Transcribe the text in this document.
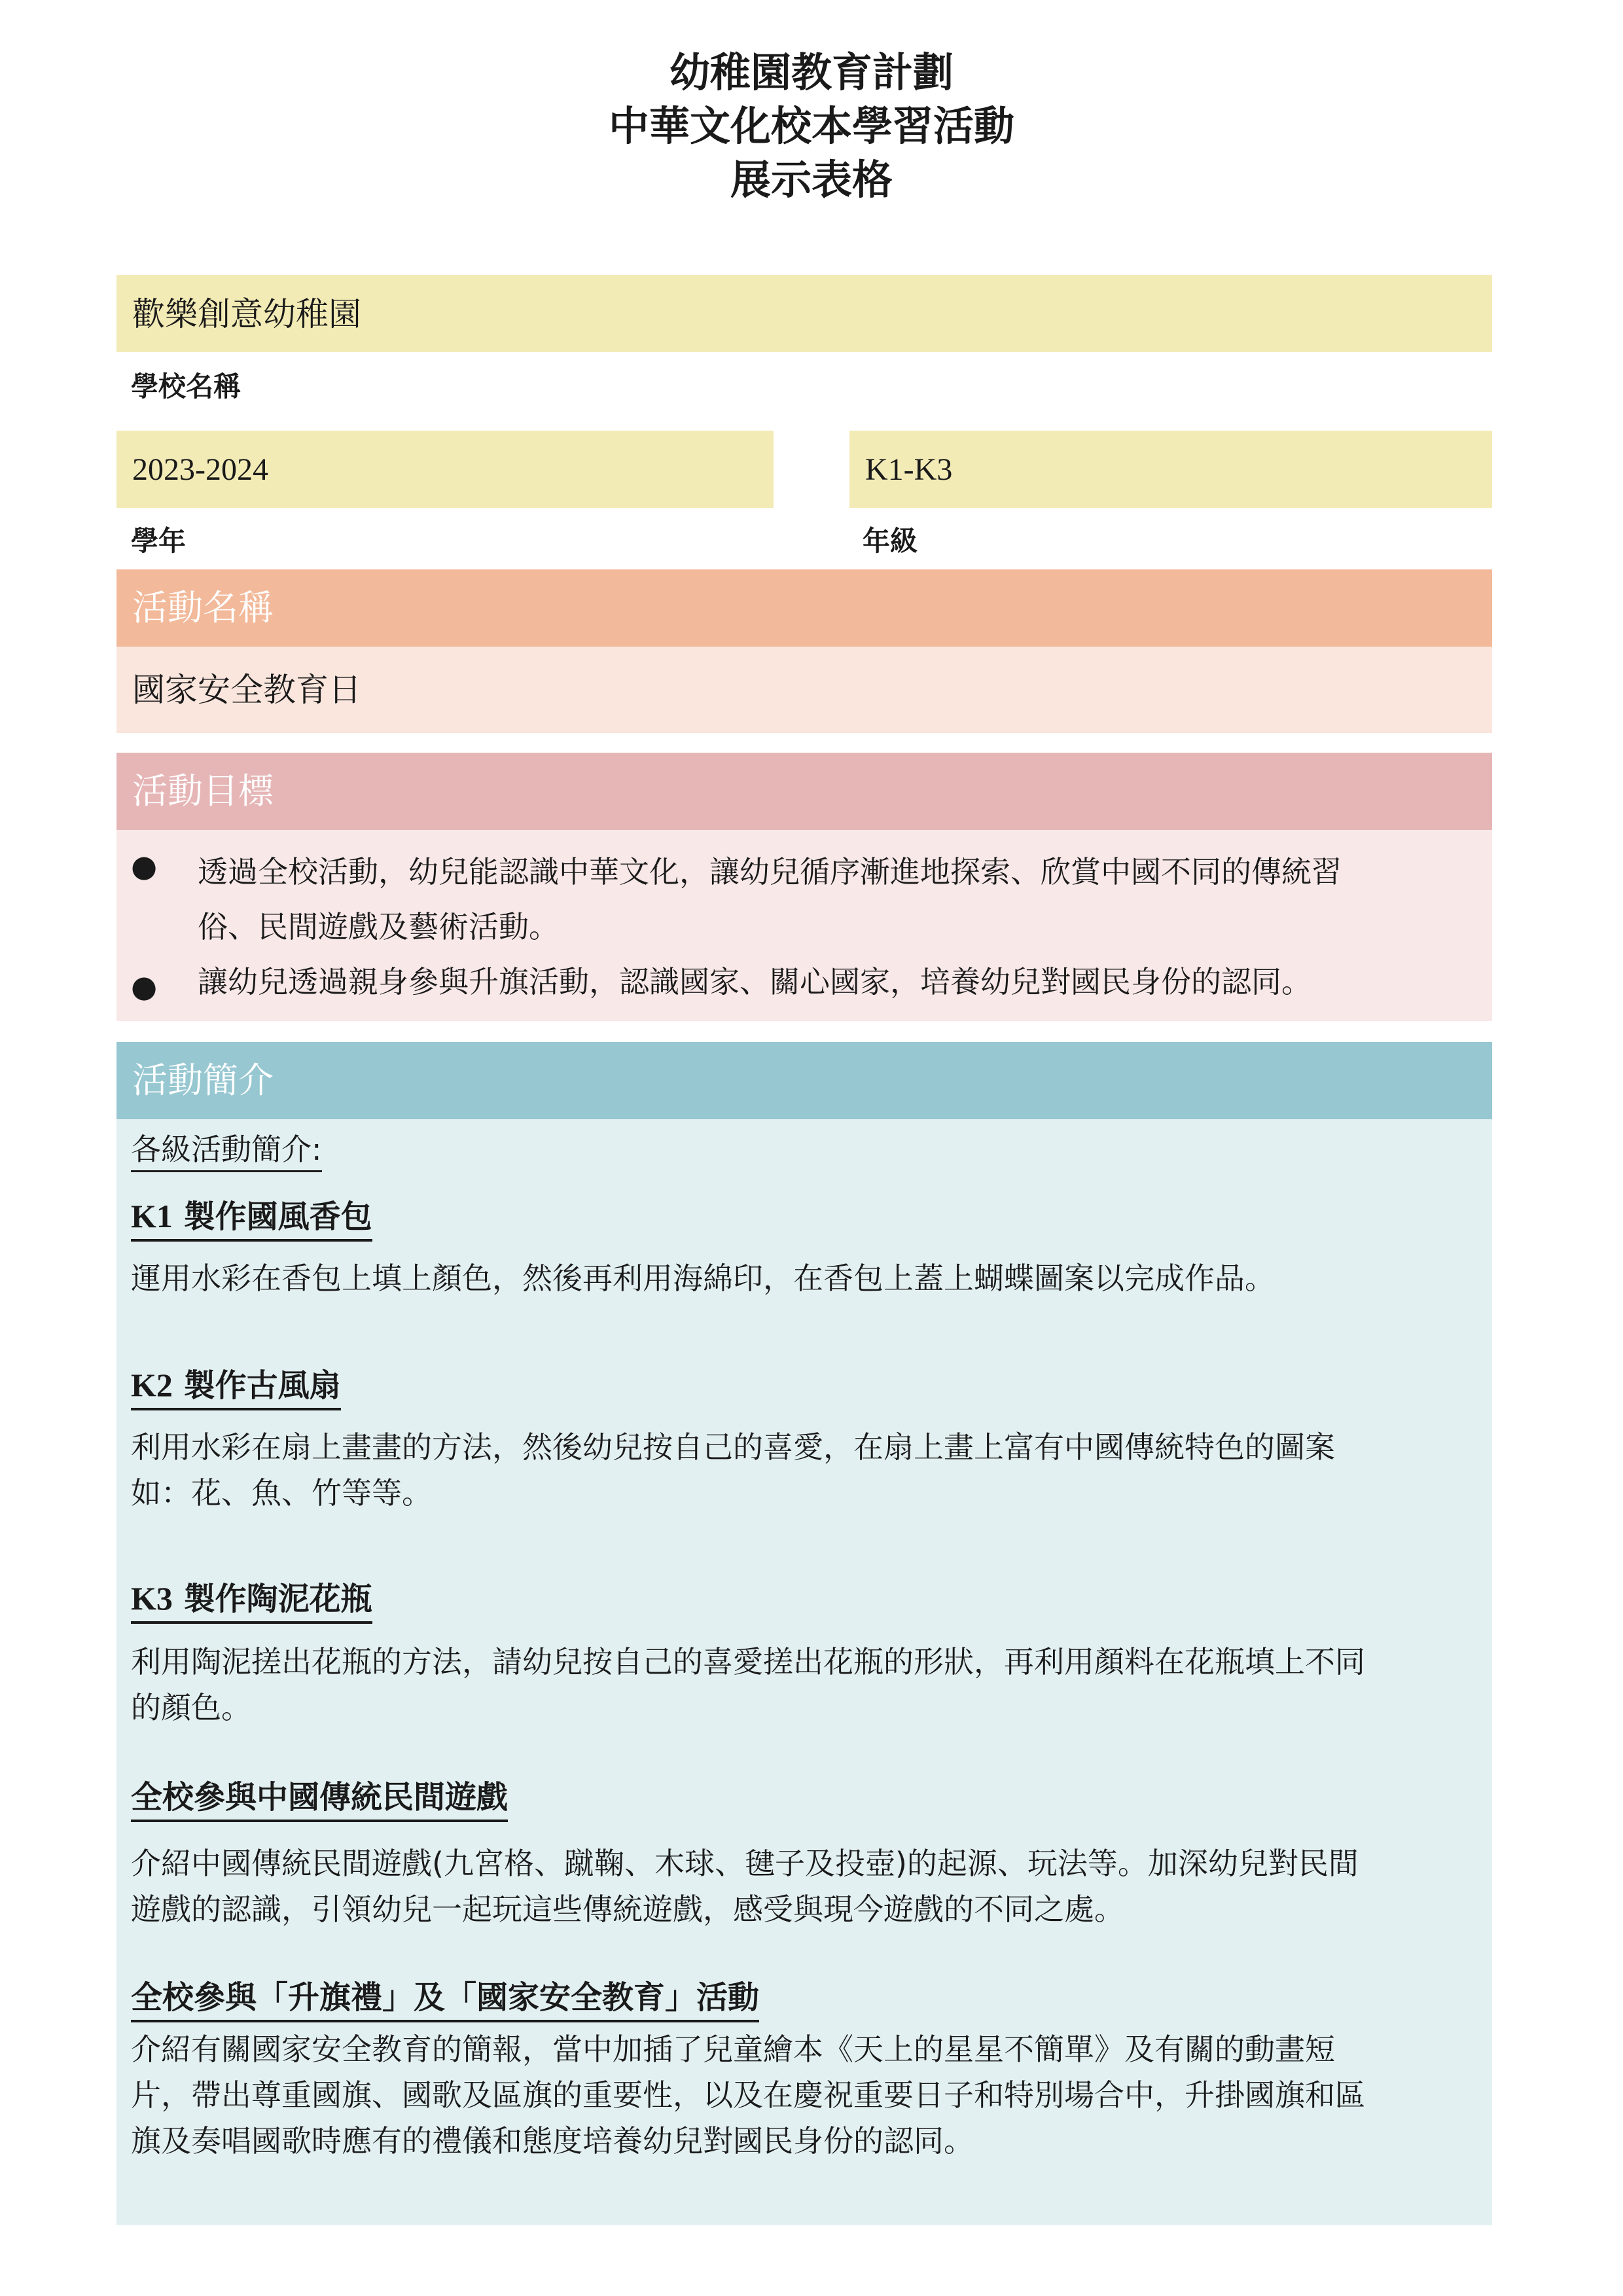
幼稚園教育計劃
中華文化校本學習活動
展示表格
歡樂創意幼稚園
學校名稱
2023-2024
學年
K1-K3
年級
活動名稱
國家安全教育日
活動目標
● 透過全校活動，幼兒能認識中華文化，讓幼兒循序漸進地探索、欣賞中國不同的傳統習
俗、民間遊戲及藝術活動。
● 讓幼兒透過親身參與升旗活動，認識國家、關心國家，培養幼兒對國民身份的認同。
活動簡介
各級活動簡介:
K1 製作國風香包
運用水彩在香包上填上顏色，然後再利用海綿印，在香包上蓋上蝴蝶圖案以完成作品。
K2 製作古風扇
利用水彩在扇上畫畫的方法，然後幼兒按自己的喜愛，在扇上畫上富有中國傳統特色的圖案
如：花、魚、竹等等。
K3 製作陶泥花瓶
利用陶泥搓出花瓶的方法，請幼兒按自己的喜愛搓出花瓶的形狀，再利用顏料在花瓶填上不同
的顏色。
全校參與中國傳統民間遊戲
介紹中國傳統民間遊戲(九宮格、蹴鞠、木球、毽子及投壺)的起源、玩法等。加深幼兒對民間
遊戲的認識，引領幼兒一起玩這些傳統遊戲，感受與現今遊戲的不同之處。
全校參與「升旗禮」及「國家安全教育」活動
介紹有關國家安全教育的簡報，當中加插了兒童繪本《天上的星星不簡單》及有關的動畫短
片，帶出尊重國旗、國歌及區旗的重要性，以及在慶祝重要日子和特別場合中，升掛國旗和區
旗及奏唱國歌時應有的禮儀和態度培養幼兒對國民身份的認同。
